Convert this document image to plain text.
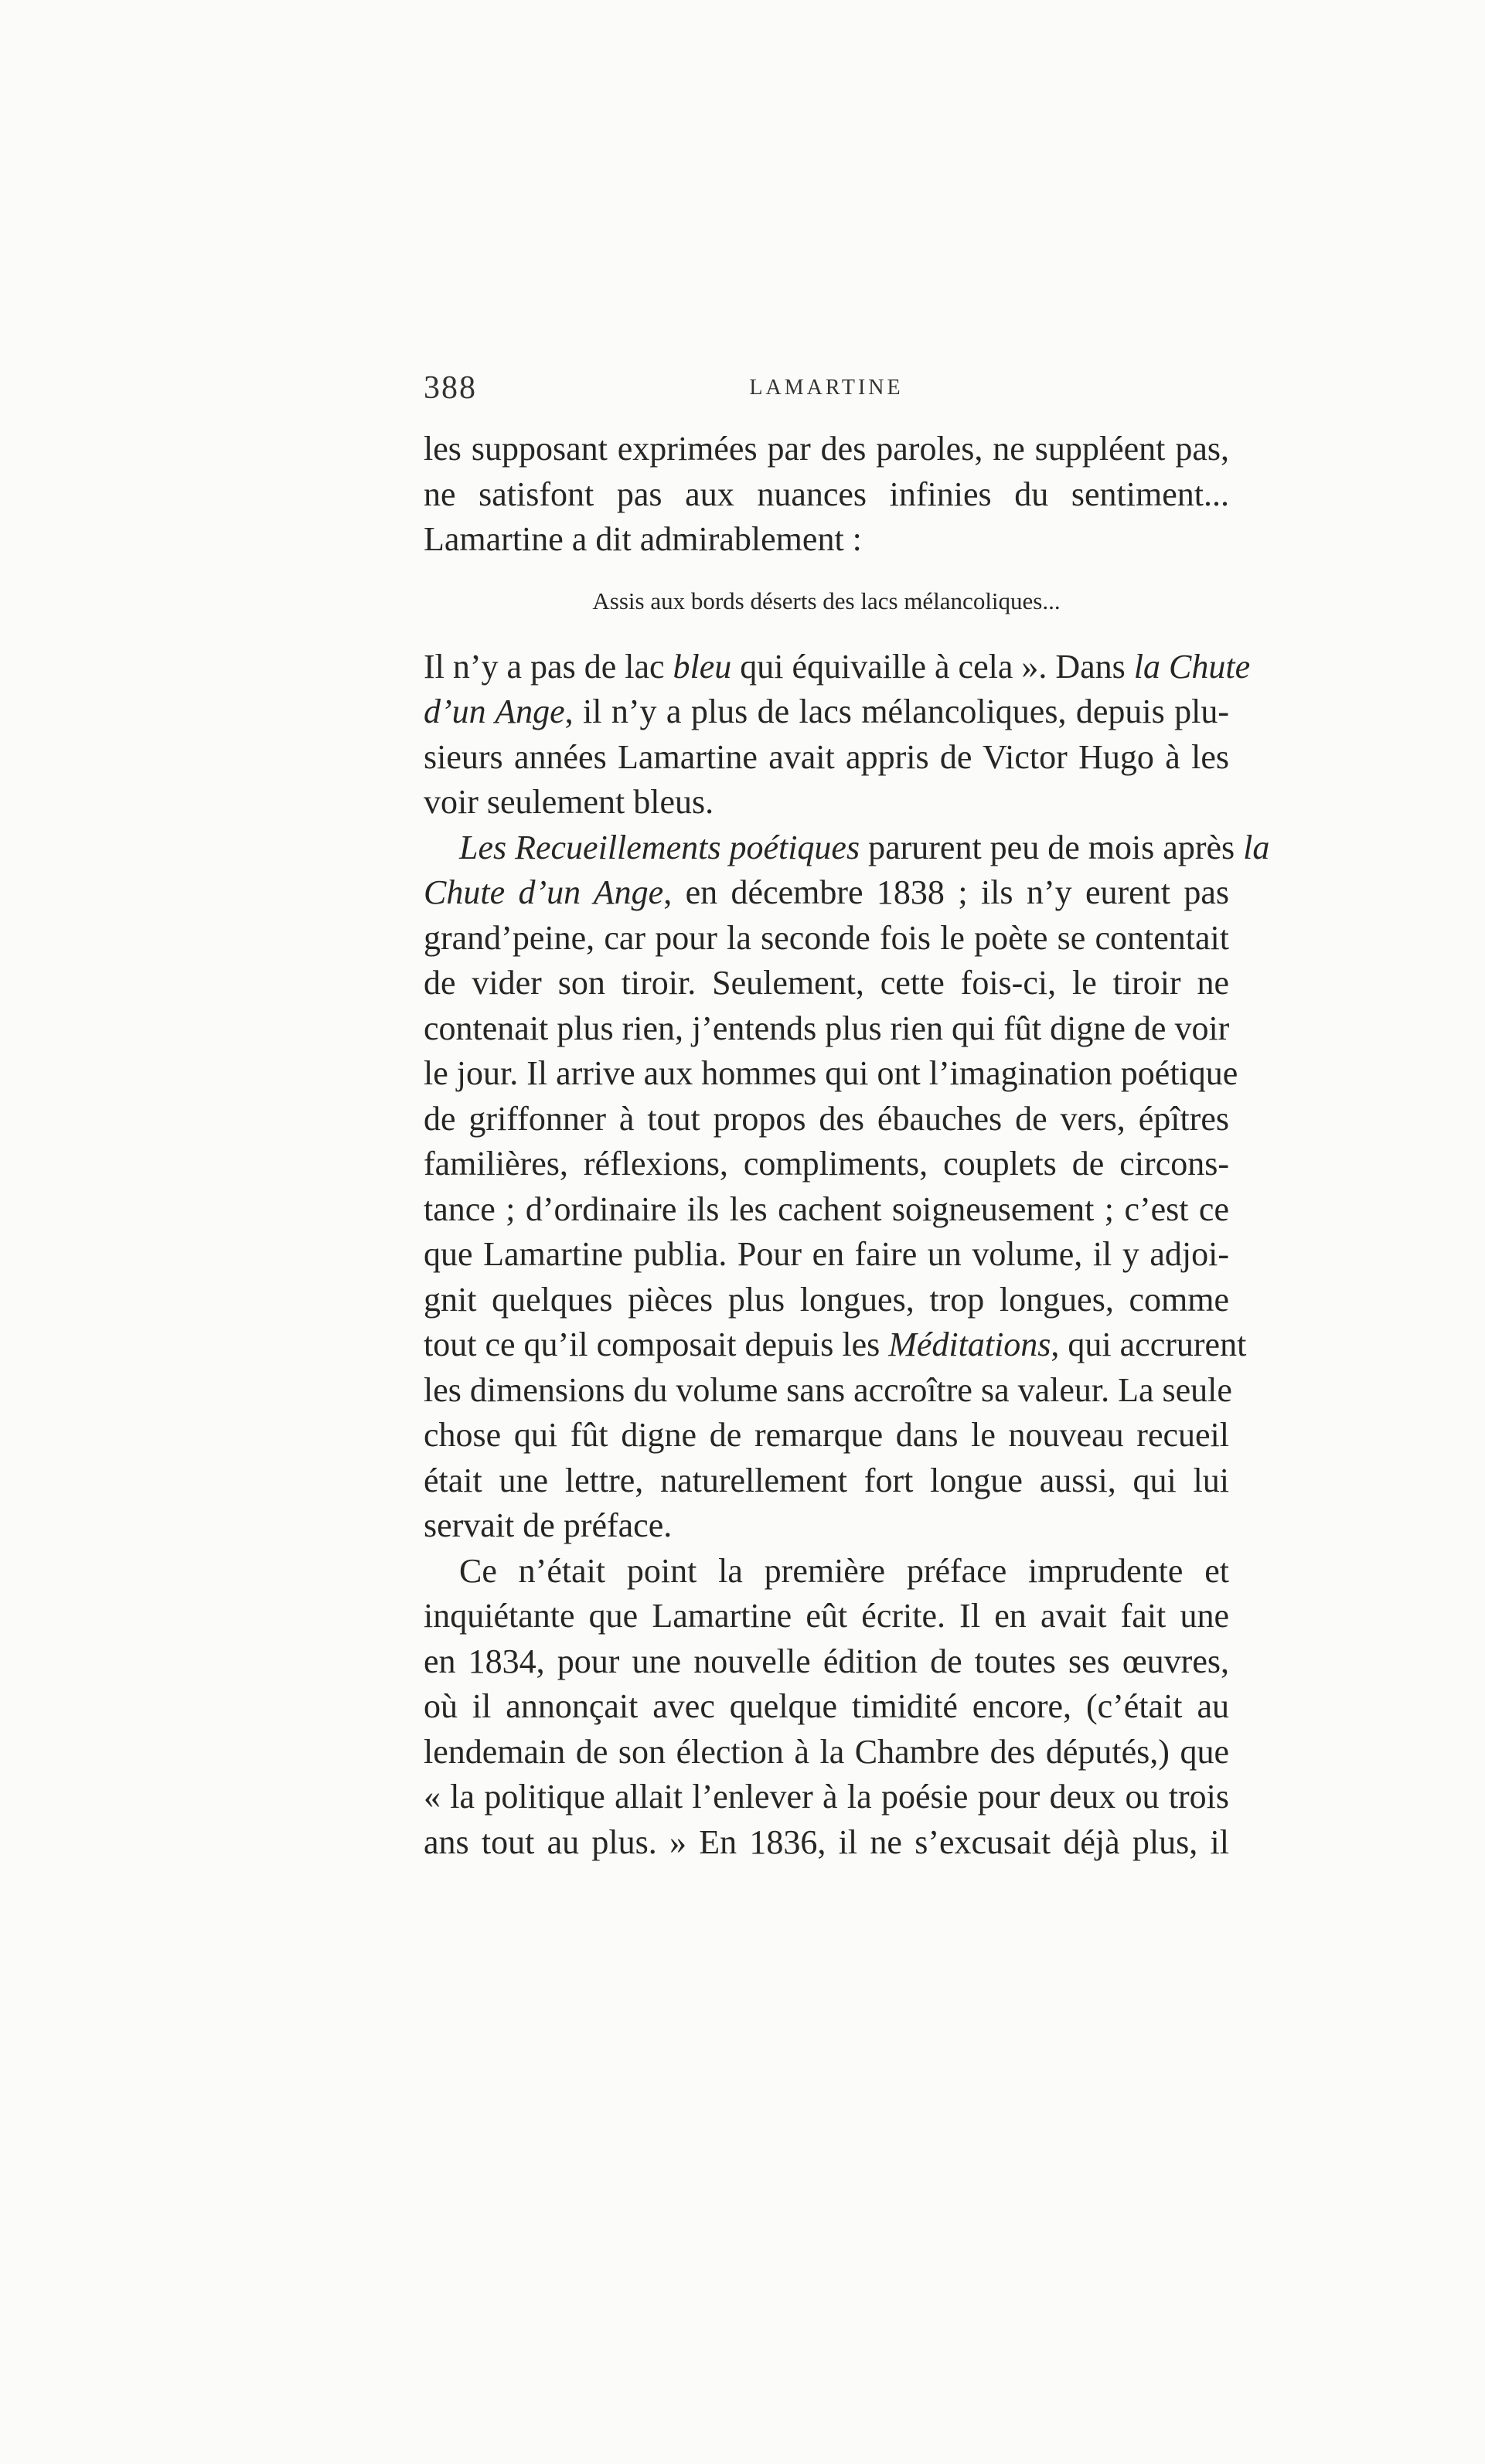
388	LAMARTINE
les supposant exprimées par des paroles, ne suppléent pas,
ne satisfont pas aux nuances infinies du sentiment...
Lamartine a dit admirablement :
Assis aux bords déserts des lacs mélancoliques...
Il n’y a pas de lac bleu qui équivaille à cela ». Dans la Chute
d’un Ange, il n’y a plus de lacs mélancoliques, depuis plu-
sieurs années Lamartine avait appris de Victor Hugo à les
voir seulement bleus.
Les Recueillements poétiques parurent peu de mois après la
Chute d’un Ange, en décembre 1838 ; ils n’y eurent pas
grand’peine, car pour la seconde fois le poète se contentait
de vider son tiroir. Seulement, cette fois-ci, le tiroir ne
contenait plus rien, j’entends plus rien qui fût digne de voir
le jour. Il arrive aux hommes qui ont l’imagination poétique
de griffonner à tout propos des ébauches de vers, épîtres
familières, réflexions, compliments, couplets de circons-
tance ; d’ordinaire ils les cachent soigneusement ; c’est ce
que Lamartine publia. Pour en faire un volume, il y adjoi-
gnit quelques pièces plus longues, trop longues, comme
tout ce qu’il composait depuis les Méditations, qui accrurent
les dimensions du volume sans accroître sa valeur. La seule
chose qui fût digne de remarque dans le nouveau recueil
était une lettre, naturellement fort longue aussi, qui lui
servait de préface.
Ce n’était point la première préface imprudente et
inquiétante que Lamartine eût écrite. Il en avait fait une
en 1834, pour une nouvelle édition de toutes ses œuvres,
où il annonçait avec quelque timidité encore, (c’était au
lendemain de son élection à la Chambre des députés,) que
« la politique allait l’enlever à la poésie pour deux ou trois
ans tout au plus. » En 1836, il ne s’excusait déjà plus, il
